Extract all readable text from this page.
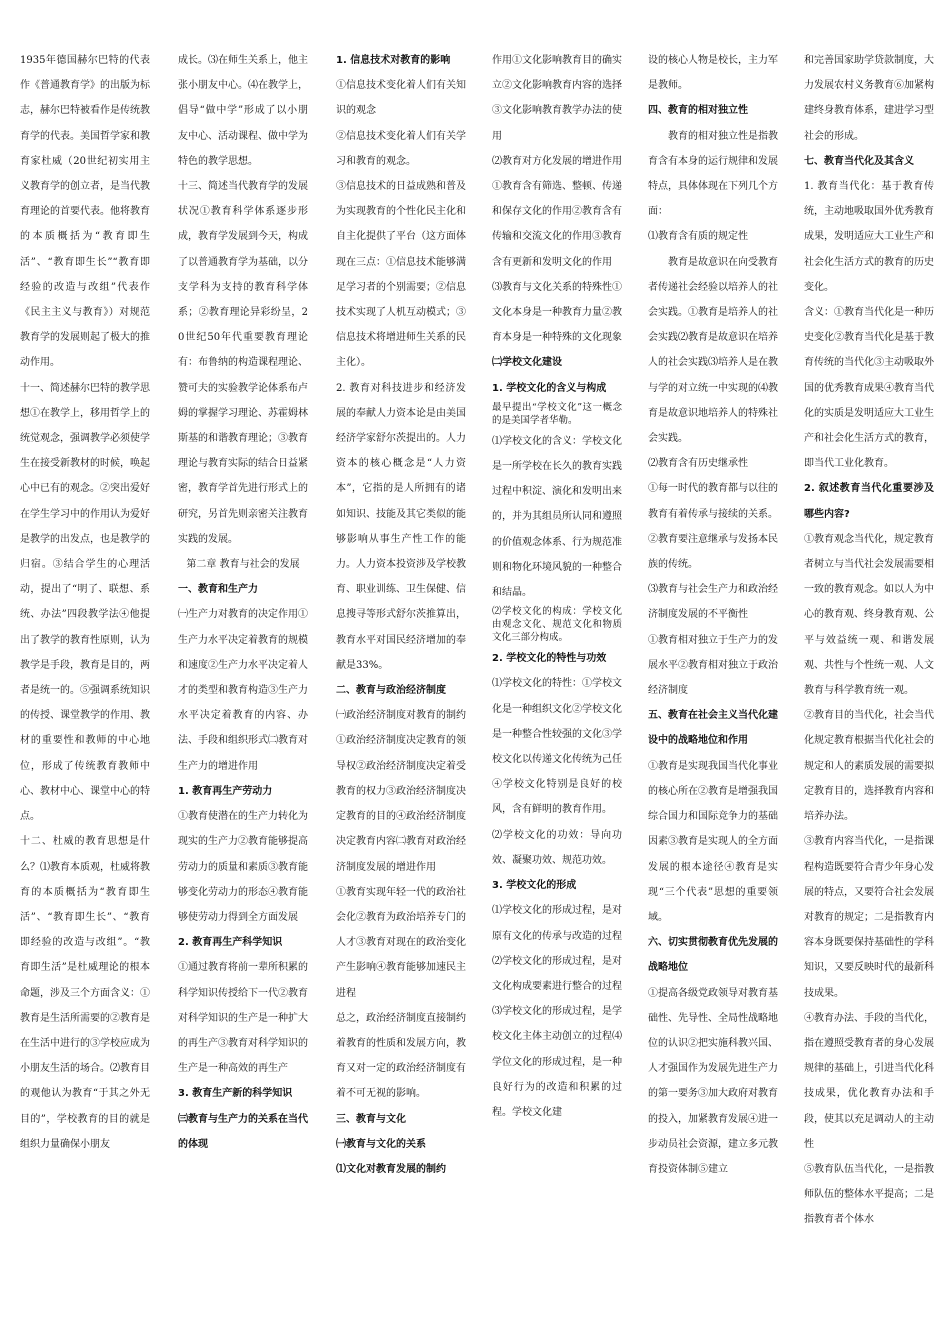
1935年德国赫尔巴特的代表作《普通教育学》的出版为标志，赫尔巴特被看作是传统教育学的代表。美国哲学家和教育家杜威（20世纪初实用主义教育学的创立者，是当代教育理论的首要代表。他将教育的本质概括为“教育即生活”、“教育即生长”“教育即经验的改造与改组”代表作《民主主义与教育》）对规范教育学的发展则起了极大的推动作用。

十一、简述赫尔巴特的教学思想①在教学上，移用哲学上的统觉观念，强调教学必须使学生在接受新教材的时候，唤起心中已有的观念。②突出爱好在学生学习中的作用认为爱好是教学的出发点，也是教学的归宿。③结合学生的心理活动，提出了“明了、联想、系统、办法”四段教学法④他提出了教学的教育性原则，认为教学是手段，教育是目的，两者是统一的。⑤强调系统知识的传授、课堂教学的作用、教材的重要性和教师的中心地位，形成了传统教育教师中心、教材中心、课堂中心的特点。

十二、杜威的教育思想是什么？⑴教育本质观，杜威将教育的本质概括为“教育即生活”、“教育即生长”、“教育即经验的改造与改组”。“教育即生活”是杜威理论的根本命题，涉及三个方面含义：①教育是生活所需要的②教育是在生活中进行的③学校应成为小朋友生活的场合。⑵教育目的观他认为教育“于其之外无目的”，学校教育的目的就是组织力量确保小朋友

成长。⑶在师生关系上，他主张小朋友中心。⑷在教学上，倡导“做中学”形成了以小朋友中心、活动课程、做中学为特色的教学思想。

十三、简述当代教育学的发展状况①教育科学体系逐步形成，教育学发展到今天，构成了以普通教育学为基础，以分支学科为支持的教育科学体系；②教育理论异彩纷呈，20世纪50年代重要教育理论有：布鲁纳的构造课程理论、赞可夫的实验教学论体系布卢姆的掌握学习理论、苏霍姆林斯基的和谐教育理论；③教育理论与教育实际的结合日益紧密，教育学首先进行形式上的研究，另首先则亲密关注教育实践的发展。

第二章 教育与社会的发展

一、教育和生产力

㈠生产力对教育的决定作用①生产力水平决定着教育的规模和速度②生产力水平决定着人才的类型和教育构造③生产力水平决定着教育的内容、办法、手段和组织形式㈡教育对生产力的增进作用

1. 教育再生产劳动力

①教育使潜在的生产力转化为现实的生产力②教育能够提高劳动力的质量和素质③教育能够变化劳动力的形态④教育能够使劳动力得到全方面发展

2. 教育再生产科学知识

①通过教育将前一辈所积累的科学知识传授给下一代②教育对科学知识的生产是一种扩大的再生产③教育对科学知识的生产是一种高效的再生产

3. 教育生产新的科学知识

㈢教育与生产力的关系在当代的体现

1. 信息技术对教育的影响

①信息技术变化着人们有关知识的观念

②信息技术变化着人们有关学习和教育的观念。

③信息技术的日益成熟和普及为实现教育的个性化民主化和自主化提供了平台（这方面体现在三点：①信息技术能够满足学习者的个别需要；②信息技术实现了人机互动模式；③信息技术将增进师生关系的民主化）。

2. 教育对科技进步和经济发展的奉献人力资本论是由美国经济学家舒尔茨提出的。人力资本的核心概念是“人力资本”，它指的是人所拥有的诸如知识、技能及其它类似的能够影响从事生产性工作的能力。人力资本投资涉及学校教育、职业训练、卫生保健、信息搜寻等形式舒尔茨推算出，教育水平对国民经济增加的奉献是33%。

二、教育与政治经济制度

㈠政治经济制度对教育的制约①政治经济制度决定教育的领导权②政治经济制度决定着受教育的权力③政治经济制度决定教育的目的④政治经济制度决定教育内容㈡教育对政治经济制度发展的增进作用

①教育实现年轻一代的政治社会化②教育为政治培养专门的人才③教育对现在的政治变化产生影响④教育能够加速民主进程

总之，政治经济制度直接制约着教育的性质和发展方向，教育又对一定的政治经济制度有着不可无视的影响。

三、教育与文化

㈠教育与文化的关系

⑴文化对教育发展的制约

作用①文化影响教育目的确实立②文化影响教育内容的选择③文化影响教育教学办法的使用

⑵教育对方化发展的增进作用

①教育含有筛选、整顿、传递和保存文化的作用②教育含有传输和交流文化的作用③教育含有更新和发明文化的作用

⑶教育与文化关系的特殊性①文化本身是一种教育力量②教育本身是一种特殊的文化现象

㈡学校文化建设

1. 学校文化的含义与构成

最早提出“学校文化”这一概念的是美国学者华勒。

⑴学校文化的含义：学校文化是一所学校在长久的教育实践过程中积淀、演化和发明出来的，并为其组员所认同和遵照的价值观念体系、行为规范准则和物化环境风貌的一种整合和结晶。

⑵学校文化的构成：学校文化由观念文化、规范文化和物质文化三部分构成。

2. 学校文化的特性与功效

⑴学校文化的特性：①学校文化是一种组织文化②学校文化是一种整合性较强的文化③学校文化以传递文化传统为己任④学校文化特别是良好的校风，含有鲜明的教育作用。

⑵学校文化的功效：导向功效、凝聚功效、规范功效。

3. 学校文化的形成

⑴学校文化的形成过程，是对原有文化的传承与改造的过程⑵学校文化的形成过程，是对文化构成要素进行整合的过程⑶学校文化的形成过程，是学校文化主体主动创立的过程⑷学位文化的形成过程，是一种良好行为的改造和积累的过程。学校文化建

设的核心人物是校长，主力军是教师。

四、教育的相对独立性

教育的相对独立性是指教育含有本身的运行规律和发展特点，具体体现在下列几个方面：

⑴教育含有质的规定性

教育是故意识在向受教育者传递社会经验以培养人的社会实践。①教育是培养人的社会实践⑵教育是故意识在培养人的社会实践⑶培养人是在教与学的对立统一中实现的⑷教育是故意识地培养人的特殊社会实践。

⑵教育含有历史继承性

①每一时代的教育都与以往的教育有着传承与接续的关系。②教育要注意继承与发扬本民族的传统。

⑶教育与社会生产力和政治经济制度发展的不平衡性

①教育相对独立于生产力的发展水平②教育相对独立于政治经济制度

五、教育在社会主义当代化建设中的战略地位和作用

①教育是实现我国当代化事业的核心所在②教育是增强我国综合国力和国际竞争力的基础因素③教育是实现人的全方面发展的根本途径④教育是实现“三个代表”思想的重要领域。

六、切实贯彻教育优先发展的战略地位

①提高各级党政领导对教育基础性、先导性、全局性战略地位的认识②把实施科教兴国、人才强国作为发展先进生产力的第一要务③加大政府对教育的投入，加紧教育发展④进一步动员社会资源，建立多元教育投资体制⑤建立

和完善国家助学贷款制度，大力发展农村义务教育⑥加紧构建终身教育体系，建进学习型社会的形成。

七、教育当代化及其含义

1. 教育当代化：基于教育传统，主动地吸取国外优秀教育成果，发明适应大工业生产和社会化生活方式的教育的历史变化。

含义：①教育当代化是一种历史变化②教育当代化是基于教育传统的当代化③主动吸取外国的优秀教育成果④教育当代化的实质是发明适应大工业生产和社会化生活方式的教育，即当代工业化教育。

2. 叙述教育当代化重要涉及哪些内容?

①教育观念当代化，规定教育者树立与当代社会发展需要相一致的教育观念。如以人为中心的教育观、终身教育观、公平与效益统一观、和谐发展观、共性与个性统一观、人文教育与科学教育统一观。

②教育目的当代化，社会当代化规定教育根据当代化社会的规定和人的素质发展的需要拟定教育目的，选择教育内容和培养办法。

③教育内容当代化，一是指课程构造既要符合青少年身心发展的特点，又要符合社会发展对教育的规定；二是指教育内容本身既要保持基础性的学科知识，又要反映时代的最新科技成果。

④教育办法、手段的当代化，指在遵照受教育者的身心发展规律的基础上，引进当代化科技成果，优化教育办法和手段，使其以充足调动人的主动性

⑤教育队伍当代化，一是指教师队伍的整体水平提高；二是指教育者个体水
